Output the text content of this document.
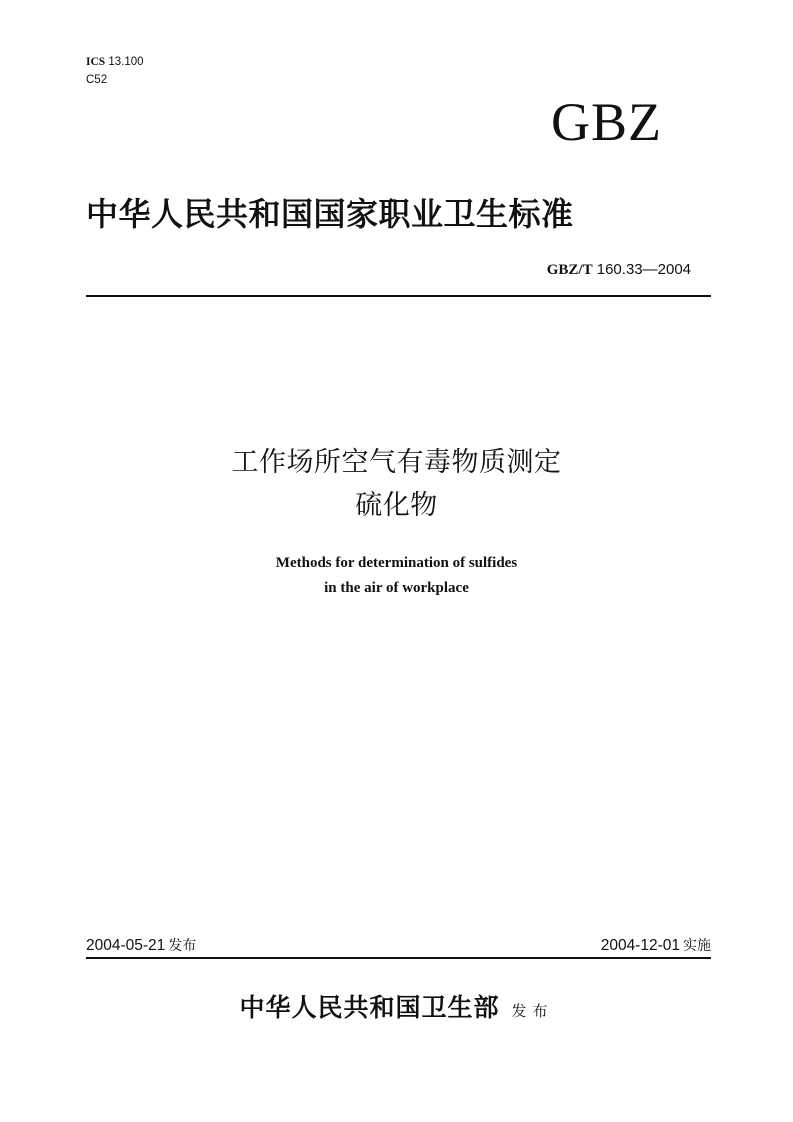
ICS 13.100
C52
GBZ
中华人民共和国国家职业卫生标准
GBZ/T 160.33—2004
工作场所空气有毒物质测定
硫化物
Methods for determination of sulfides
in the air of workplace
2004-05-21 发布	2004-12-01 实施
中华人民共和国卫生部 发布
